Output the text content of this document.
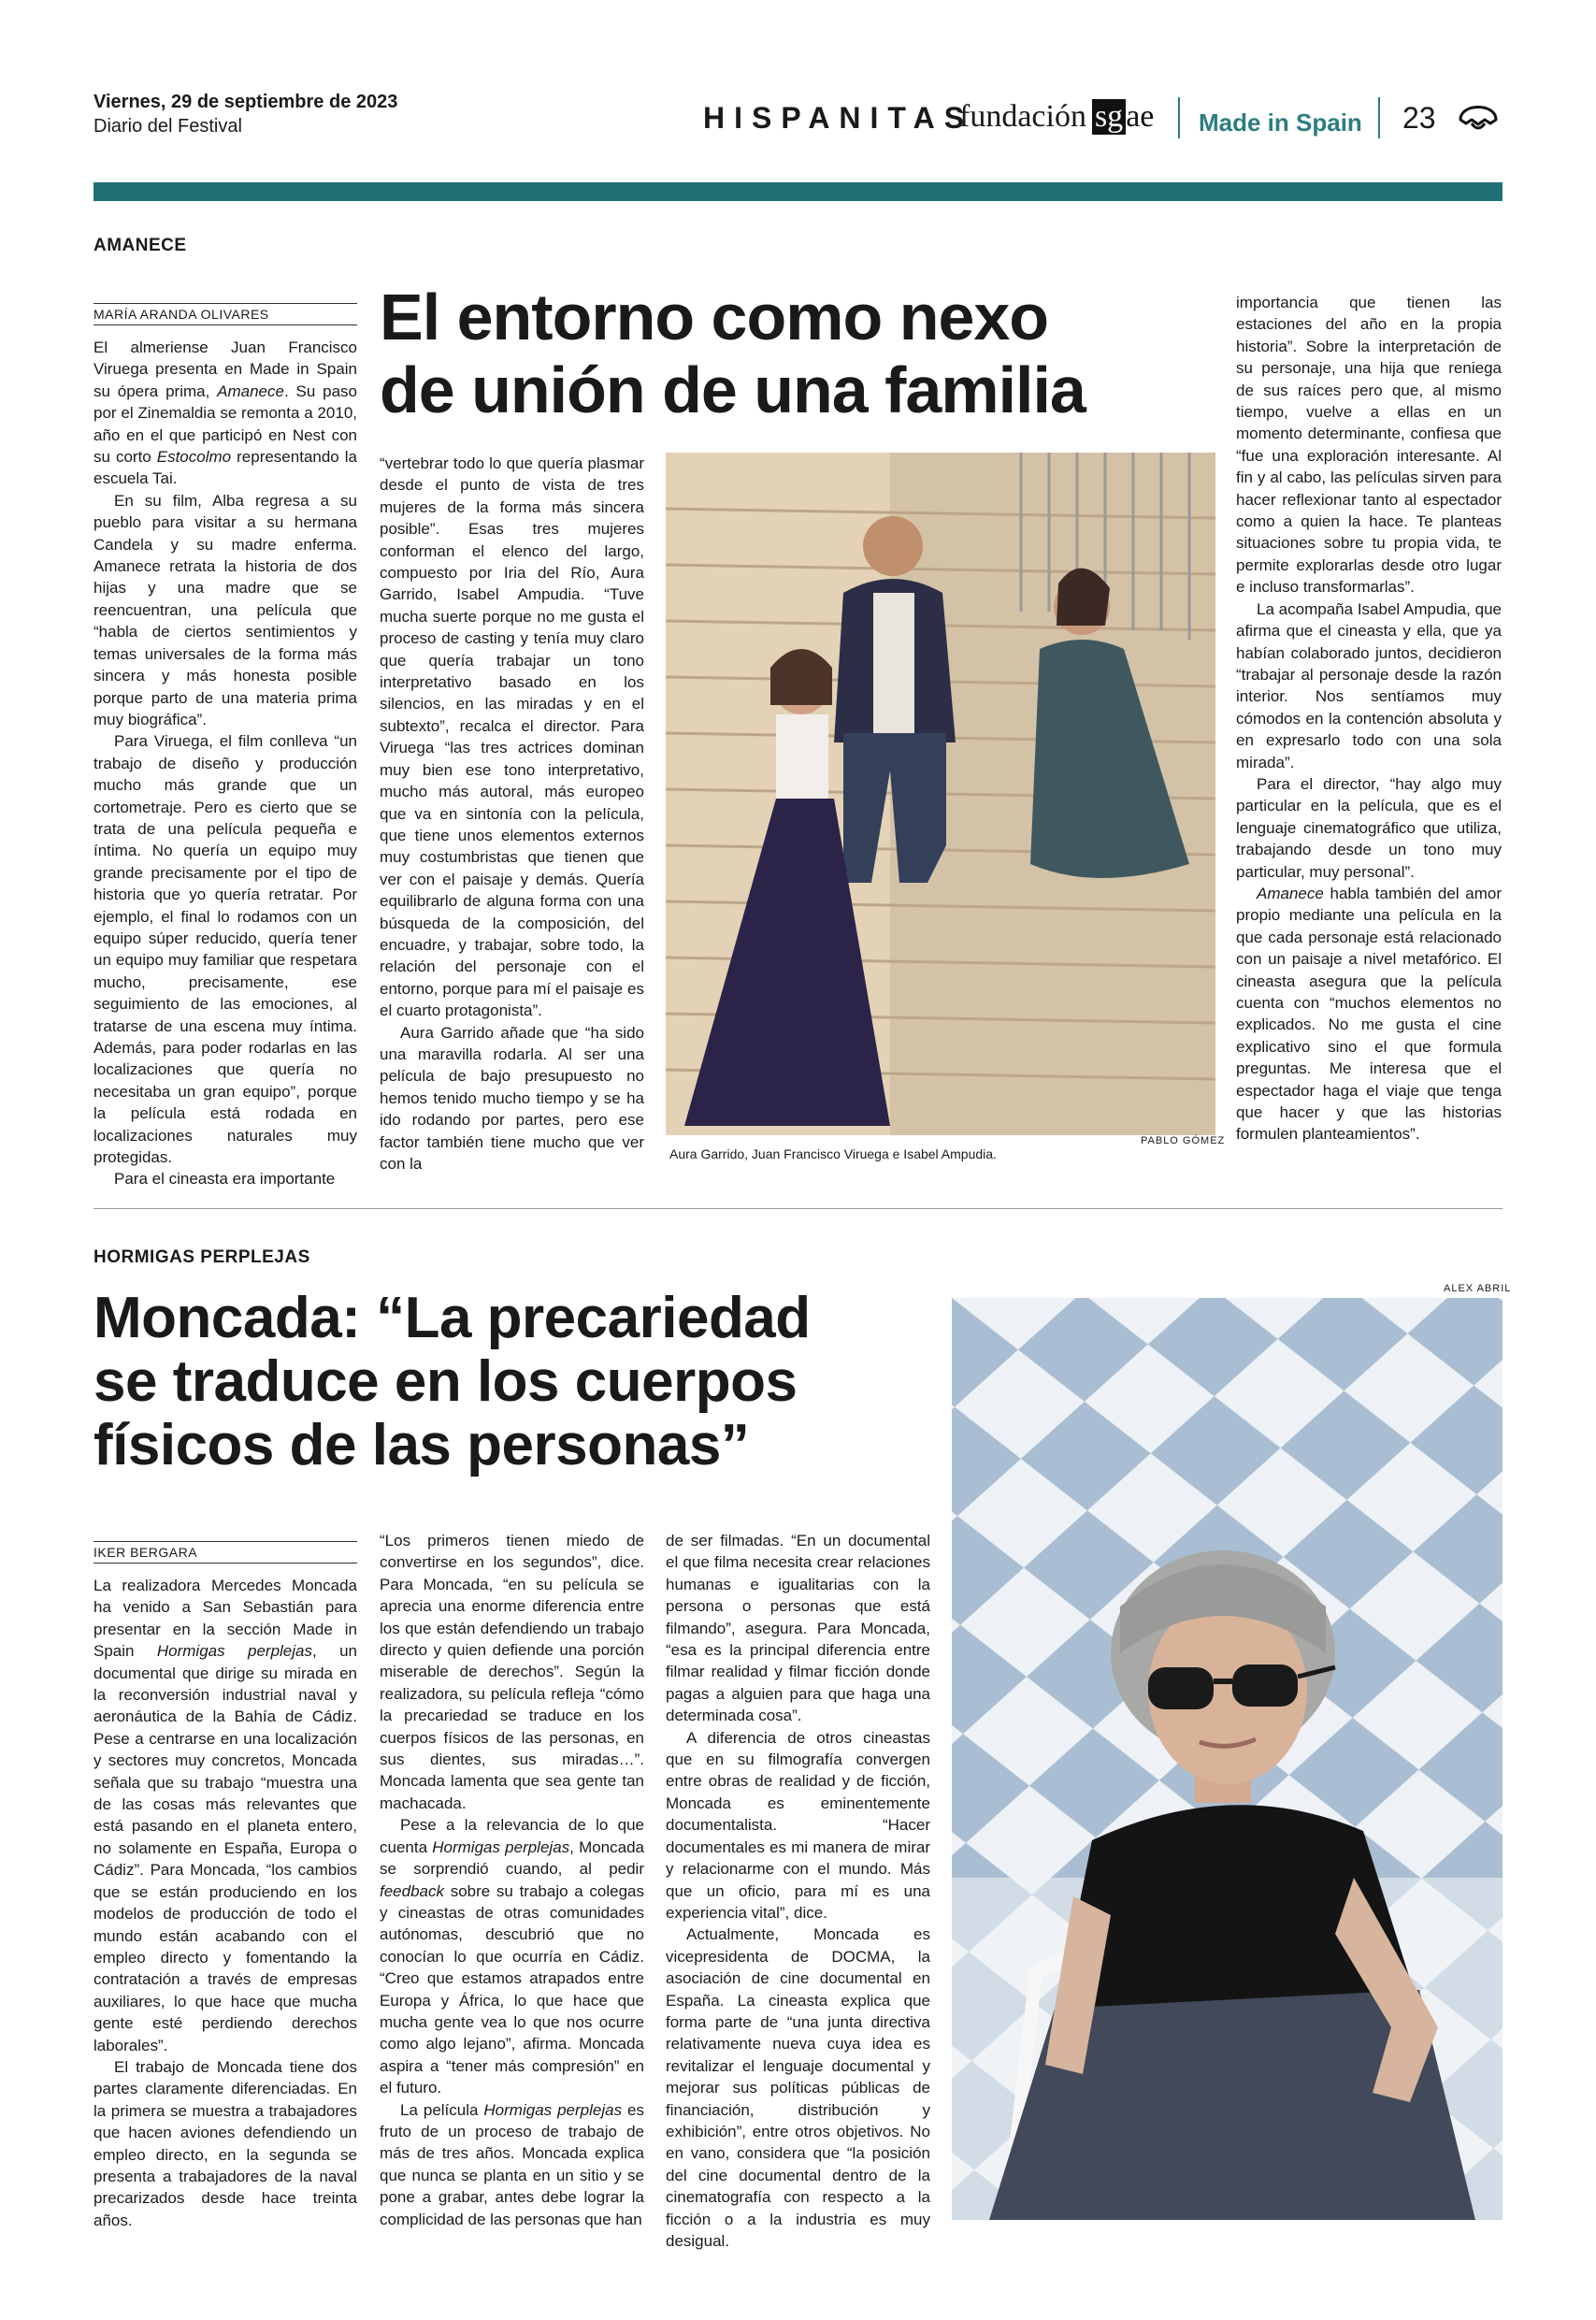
Viernes, 29 de septiembre de 2023
Diario del Festival	HISPANITAS
fundación sgae Made in Spain 23
AMANECE
MARÍA ARANDA OLIVARES	El entorno como nexo
de unión de una familia

El almeriense Juan Francisco Viruega presenta en Made in Spain su ópera prima, Amanece. Su paso por el Zinemaldia se remonta a 2010, año en el que participó en Nest con su corto Estocolmo representando la escuela Tai.

En su film, Alba regresa a su pueblo para visitar a su hermana Candela y su madre enferma. Amanece retrata la historia de dos hijas y una madre que se reencuentran, una película que “habla de ciertos sentimientos y temas universales de la forma más sincera y más honesta posible porque parto de una materia prima muy biográfica”.

Para Viruega, el film conlleva “un trabajo de diseño y producción mucho más grande que un cortometraje. Pero es cierto que se trata de una película pequeña e íntima. No quería un equipo muy grande precisamente por el tipo de historia que yo quería retratar. Por ejemplo, el final lo rodamos con un equipo súper reducido, quería tener un equipo muy familiar que respetara mucho, precisamente, ese seguimiento de las emociones, al tratarse de una escena muy íntima. Además, para poder rodarlas en las localizaciones que quería no necesitaba un gran equipo”, porque la película está rodada en localizaciones naturales muy protegidas.

Para el cineasta era importante

“vertebrar todo lo que quería plasmar desde el punto de vista de tres mujeres de la forma más sincera posible”. Esas tres mujeres conforman el elenco del largo, compuesto por Iria del Río, Aura Garrido, Isabel Ampudia. “Tuve mucha suerte porque no me gusta el proceso de casting y tenía muy claro que quería trabajar un tono interpretativo basado en los silencios, en las miradas y en el subtexto”, recalca el director. Para Viruega “las tres actrices dominan muy bien ese tono interpretativo, mucho más autoral, más europeo que va en sintonía con la película, que tiene unos elementos externos muy costumbristas que tienen que ver con el paisaje y demás. Quería equilibrarlo de alguna forma con una búsqueda de la composición, del encuadre, y trabajar, sobre todo, la relación del personaje con el entorno, porque para mí el paisaje es el cuarto protagonista”.

Aura Garrido añade que “ha sido una maravilla rodarla. Al ser una película de bajo presupuesto no hemos tenido mucho tiempo y se ha ido rodando por partes, pero ese factor también tiene mucho que ver con la

PABLO GÓMEZ
Aura Garrido, Juan Francisco Viruega e Isabel Ampudia.

importancia que tienen las estaciones del año en la propia historia”. Sobre la interpretación de su personaje, una hija que reniega de sus raíces pero que, al mismo tiempo, vuelve a ellas en un momento determinante, confiesa que “fue una exploración interesante. Al fin y al cabo, las películas sirven para hacer reflexionar tanto al espectador como a quien la hace. Te planteas situaciones sobre tu propia vida, te permite explorarlas desde otro lugar e incluso transformarlas”.

La acompaña Isabel Ampudia, que afirma que el cineasta y ella, que ya habían colaborado juntos, decidieron “trabajar al personaje desde la razón interior. Nos sentíamos muy cómodos en la contención absoluta y en expresarlo todo con una sola mirada”.

Para el director, “hay algo muy particular en la película, que es el lenguaje cinematográfico que utiliza, trabajando desde un tono muy particular, muy personal”.

Amanece habla también del amor propio mediante una película en la que cada personaje está relacionado con un paisaje a nivel metafórico. El cineasta asegura que la película cuenta con “muchos elementos no explicados. No me gusta el cine explicativo sino el que formula preguntas. Me interesa que el espectador haga el viaje que tenga que hacer y que las historias formulen planteamientos”.

HORMIGAS PERPLEJAS
Moncada: “La precariedad
se traduce en los cuerpos
físicos de las personas”
IKER BERGARA

La realizadora Mercedes Moncada ha venido a San Sebastián para presentar en la sección Made in Spain Hormigas perplejas, un documental que dirige su mirada en la reconversión industrial naval y aeronáutica de la Bahía de Cádiz. Pese a centrarse en una localización y sectores muy concretos, Moncada señala que su trabajo “muestra una de las cosas más relevantes que está pasando en el planeta entero, no solamente en España, Europa o Cádiz”. Para Moncada, “los cambios que se están produciendo en los modelos de producción de todo el mundo están acabando con el empleo directo y fomentando la contratación a través de empresas auxiliares, lo que hace que mucha gente esté perdiendo derechos laborales”.

El trabajo de Moncada tiene dos partes claramente diferenciadas. En la primera se muestra a trabajadores que hacen aviones defendiendo un empleo directo, en la segunda se presenta a trabajadores de la naval precarizados desde hace treinta años.

“Los primeros tienen miedo de convertirse en los segundos”, dice. Para Moncada, “en su película se aprecia una enorme diferencia entre los que están defendiendo un trabajo directo y quien defiende una porción miserable de derechos”. Según la realizadora, su película refleja “cómo la precariedad se traduce en los cuerpos físicos de las personas, en sus dientes, sus miradas…”. Moncada lamenta que sea gente tan machacada.

Pese a la relevancia de lo que cuenta Hormigas perplejas, Moncada se sorprendió cuando, al pedir feedback sobre su trabajo a colegas y cineastas de otras comunidades autónomas, descubrió que no conocían lo que ocurría en Cádiz. “Creo que estamos atrapados entre Europa y África, lo que hace que mucha gente vea lo que nos ocurre como algo lejano”, afirma. Moncada aspira a “tener más compresión” en el futuro.

La película Hormigas perplejas es fruto de un proceso de trabajo de más de tres años. Moncada explica que nunca se planta en un sitio y se pone a grabar, antes debe lograr la complicidad de las personas que han

de ser filmadas. “En un documental el que filma necesita crear relaciones humanas e igualitarias con la persona o personas que está filmando”, asegura. Para Moncada, “esa es la principal diferencia entre filmar realidad y filmar ficción donde pagas a alguien para que haga una determinada cosa”.

A diferencia de otros cineastas que en su filmografía convergen entre obras de realidad y de ficción, Moncada es eminentemente documentalista. “Hacer documentales es mi manera de mirar y relacionarme con el mundo. Más que un oficio, para mí es una experiencia vital”, dice.

Actualmente, Moncada es vicepresidenta de DOCMA, la asociación de cine documental en España. La cineasta explica que forma parte de “una junta directiva relativamente nueva cuya idea es revitalizar el lenguaje documental y mejorar sus políticas públicas de financiación, distribución y exhibición”, entre otros objetivos. No en vano, considera que “la posición del cine documental dentro de la cinematografía con respecto a la ficción o a la industria es muy desigual.

ALEX ABRIL
